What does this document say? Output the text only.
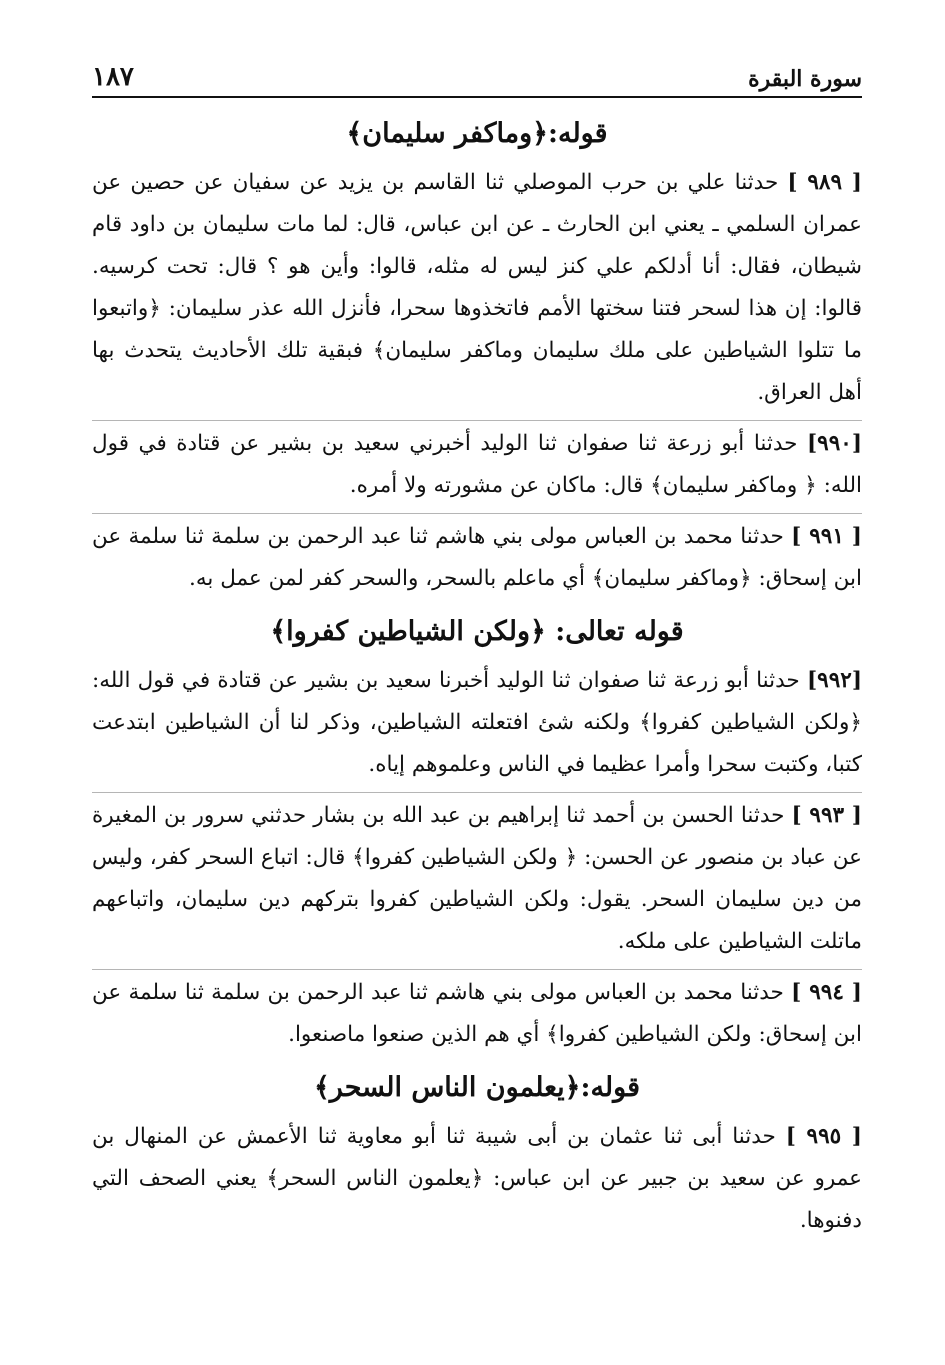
سورة البقرة
١٨٧
قوله:﴿وماكفر سليمان﴾

[ ٩٨٩ ] حدثنا علي بن حرب الموصلي ثنا القاسم بن يزيد عن سفيان عن حصين عن عمران السلمي ـ يعني ابن الحارث ـ عن ابن عباس، قال: لما مات سليمان بن داود قام شيطان، فقال: أنا أدلكم علي كنز ليس له مثله، قالوا: وأين هو ؟ قال: تحت كرسيه. قالوا: إن هذا لسحر فتنا سختها الأمم فاتخذوها سحرا، فأنزل الله عذر سليمان: ﴿واتبعوا ما تتلوا الشياطين على ملك سليمان وماكفر سليمان﴾ فبقية تلك الأحاديث يتحدث بها أهل العراق.

[٩٩٠] حدثنا أبو زرعة ثنا صفوان ثنا الوليد أخبرني سعيد بن بشير عن قتادة في قول الله: ﴿ وماكفر سليمان﴾ قال: ماكان عن مشورته ولا أمره.

[ ٩٩١ ] حدثنا محمد بن العباس مولى بني هاشم ثنا عبد الرحمن بن سلمة ثنا سلمة عن ابن إسحاق: ﴿وماكفر سليمان﴾ أي ماعلم بالسحر، والسحر كفر لمن عمل به.

قوله تعالى: ﴿ولكن الشياطين كفروا﴾

[٩٩٢] حدثنا أبو زرعة ثنا صفوان ثنا الوليد أخبرنا سعيد بن بشير عن قتادة في قول الله: ﴿ولكن الشياطين كفروا﴾ ولكنه شئ افتعلته الشياطين، وذكر لنا أن الشياطين ابتدعت كتبا، وكتبت سحرا وأمرا عظيما في الناس وعلموهم إياه.

[ ٩٩٣ ] حدثنا الحسن بن أحمد ثنا إبراهيم بن عبد الله بن بشار حدثني سرور بن المغيرة عن عباد بن منصور عن الحسن: ﴿ ولكن الشياطين كفروا﴾ قال: اتباع السحر كفر، وليس من دين سليمان السحر. يقول: ولكن الشياطين كفروا بتركهم دين سليمان، واتباعهم ماتلت الشياطين على ملكه.

[ ٩٩٤ ] حدثنا محمد بن العباس مولى بني هاشم ثنا عبد الرحمن بن سلمة ثنا سلمة عن ابن إسحاق: ولكن الشياطين كفروا﴾ أي هم الذين صنعوا ماصنعوا.

قوله:﴿يعلمون الناس السحر﴾

[ ٩٩٥ ] حدثنا أبى ثنا عثمان بن أبى شيبة ثنا أبو معاوية ثنا الأعمش عن المنهال بن عمرو عن سعيد بن جبير عن ابن عباس: ﴿يعلمون الناس السحر﴾ يعني الصحف التي دفنوها.
